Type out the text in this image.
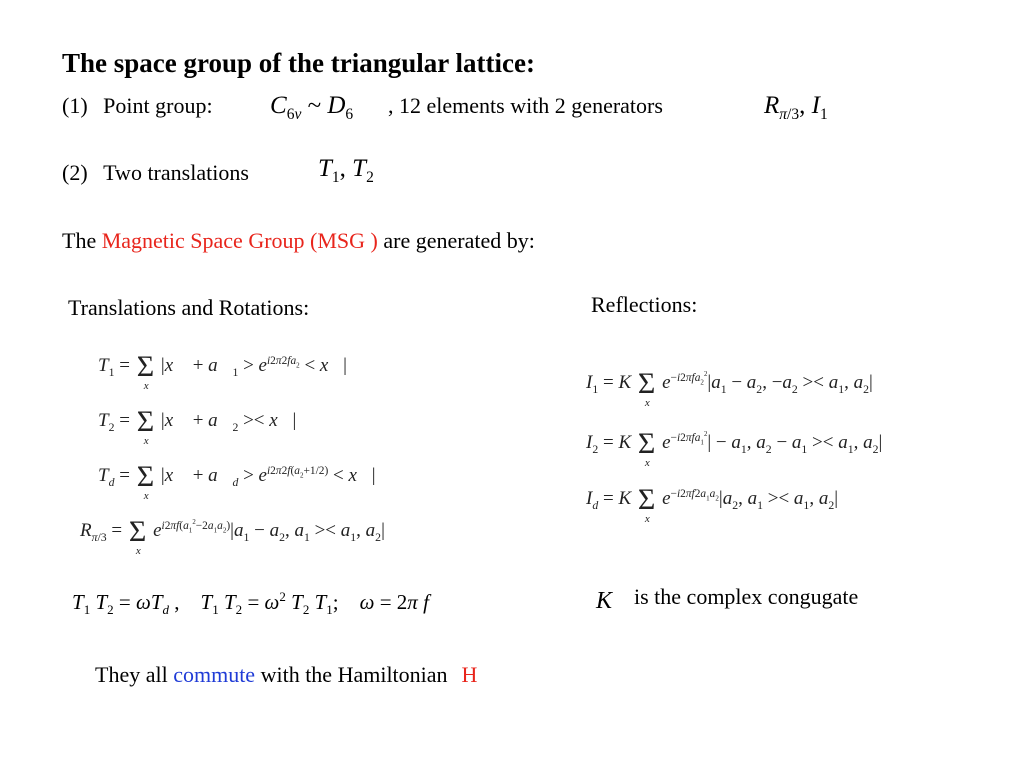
The space group of the triangular lattice:
(1) Point group: $C_{6v}$ ~ $D_6$ , 12 elements with 2 generators	$R_{\pi/3}$, $I_1$
(2) Two translations	$T_1$, $T_2$
The Magnetic Space Group (MSG ) are generated by:
Translations and Rotations:	Reflections:
$T_1 = \Sigma$
x⃗
|x⃗ + $a⃗_1 > e^{i2\pi 2fa_2}$ < x⃗|
$T_2 = \Sigma$
x⃗
|x⃗ + $a⃗_2$ >< x⃗|
$T_d = \Sigma$
x⃗
|x⃗ + $a⃗_d > e^{i2\pi 2f(a_2+1/2)}$ < x⃗|
$R_{\pi/3} = \Sigma$
x⃗
$e^{i2\pi f(a_1^2-2a_1a_2)}|a_1 - a_2$, $a_1 >< a_1$, $a_2|$
$I_1 = K$ Σ
x⃗
$e^{-i2\pi fa_2^2}|a_1 - a_2$, $-a_2 >< a_1$, $a_2|$
$I_2 = K$ Σ
x⃗
$e^{-i2\pi fa_1^2}| - a_1$, $a_2 - a_1 >< a_1$, $a_2|$
$I_d = K$ Σ
x⃗
$e^{-i2\pi f2a_1a_2}|a_2$, $a_1 >< a_1$, $a_2|$
$T_1$ $T_2 = \omega T_d$ ,    $T_1$ $T_2 = \omega^2$ $T_2$ $T_1$;    ω = 2π f	K is the complex congugate
They all commute with the Hamiltonian H
